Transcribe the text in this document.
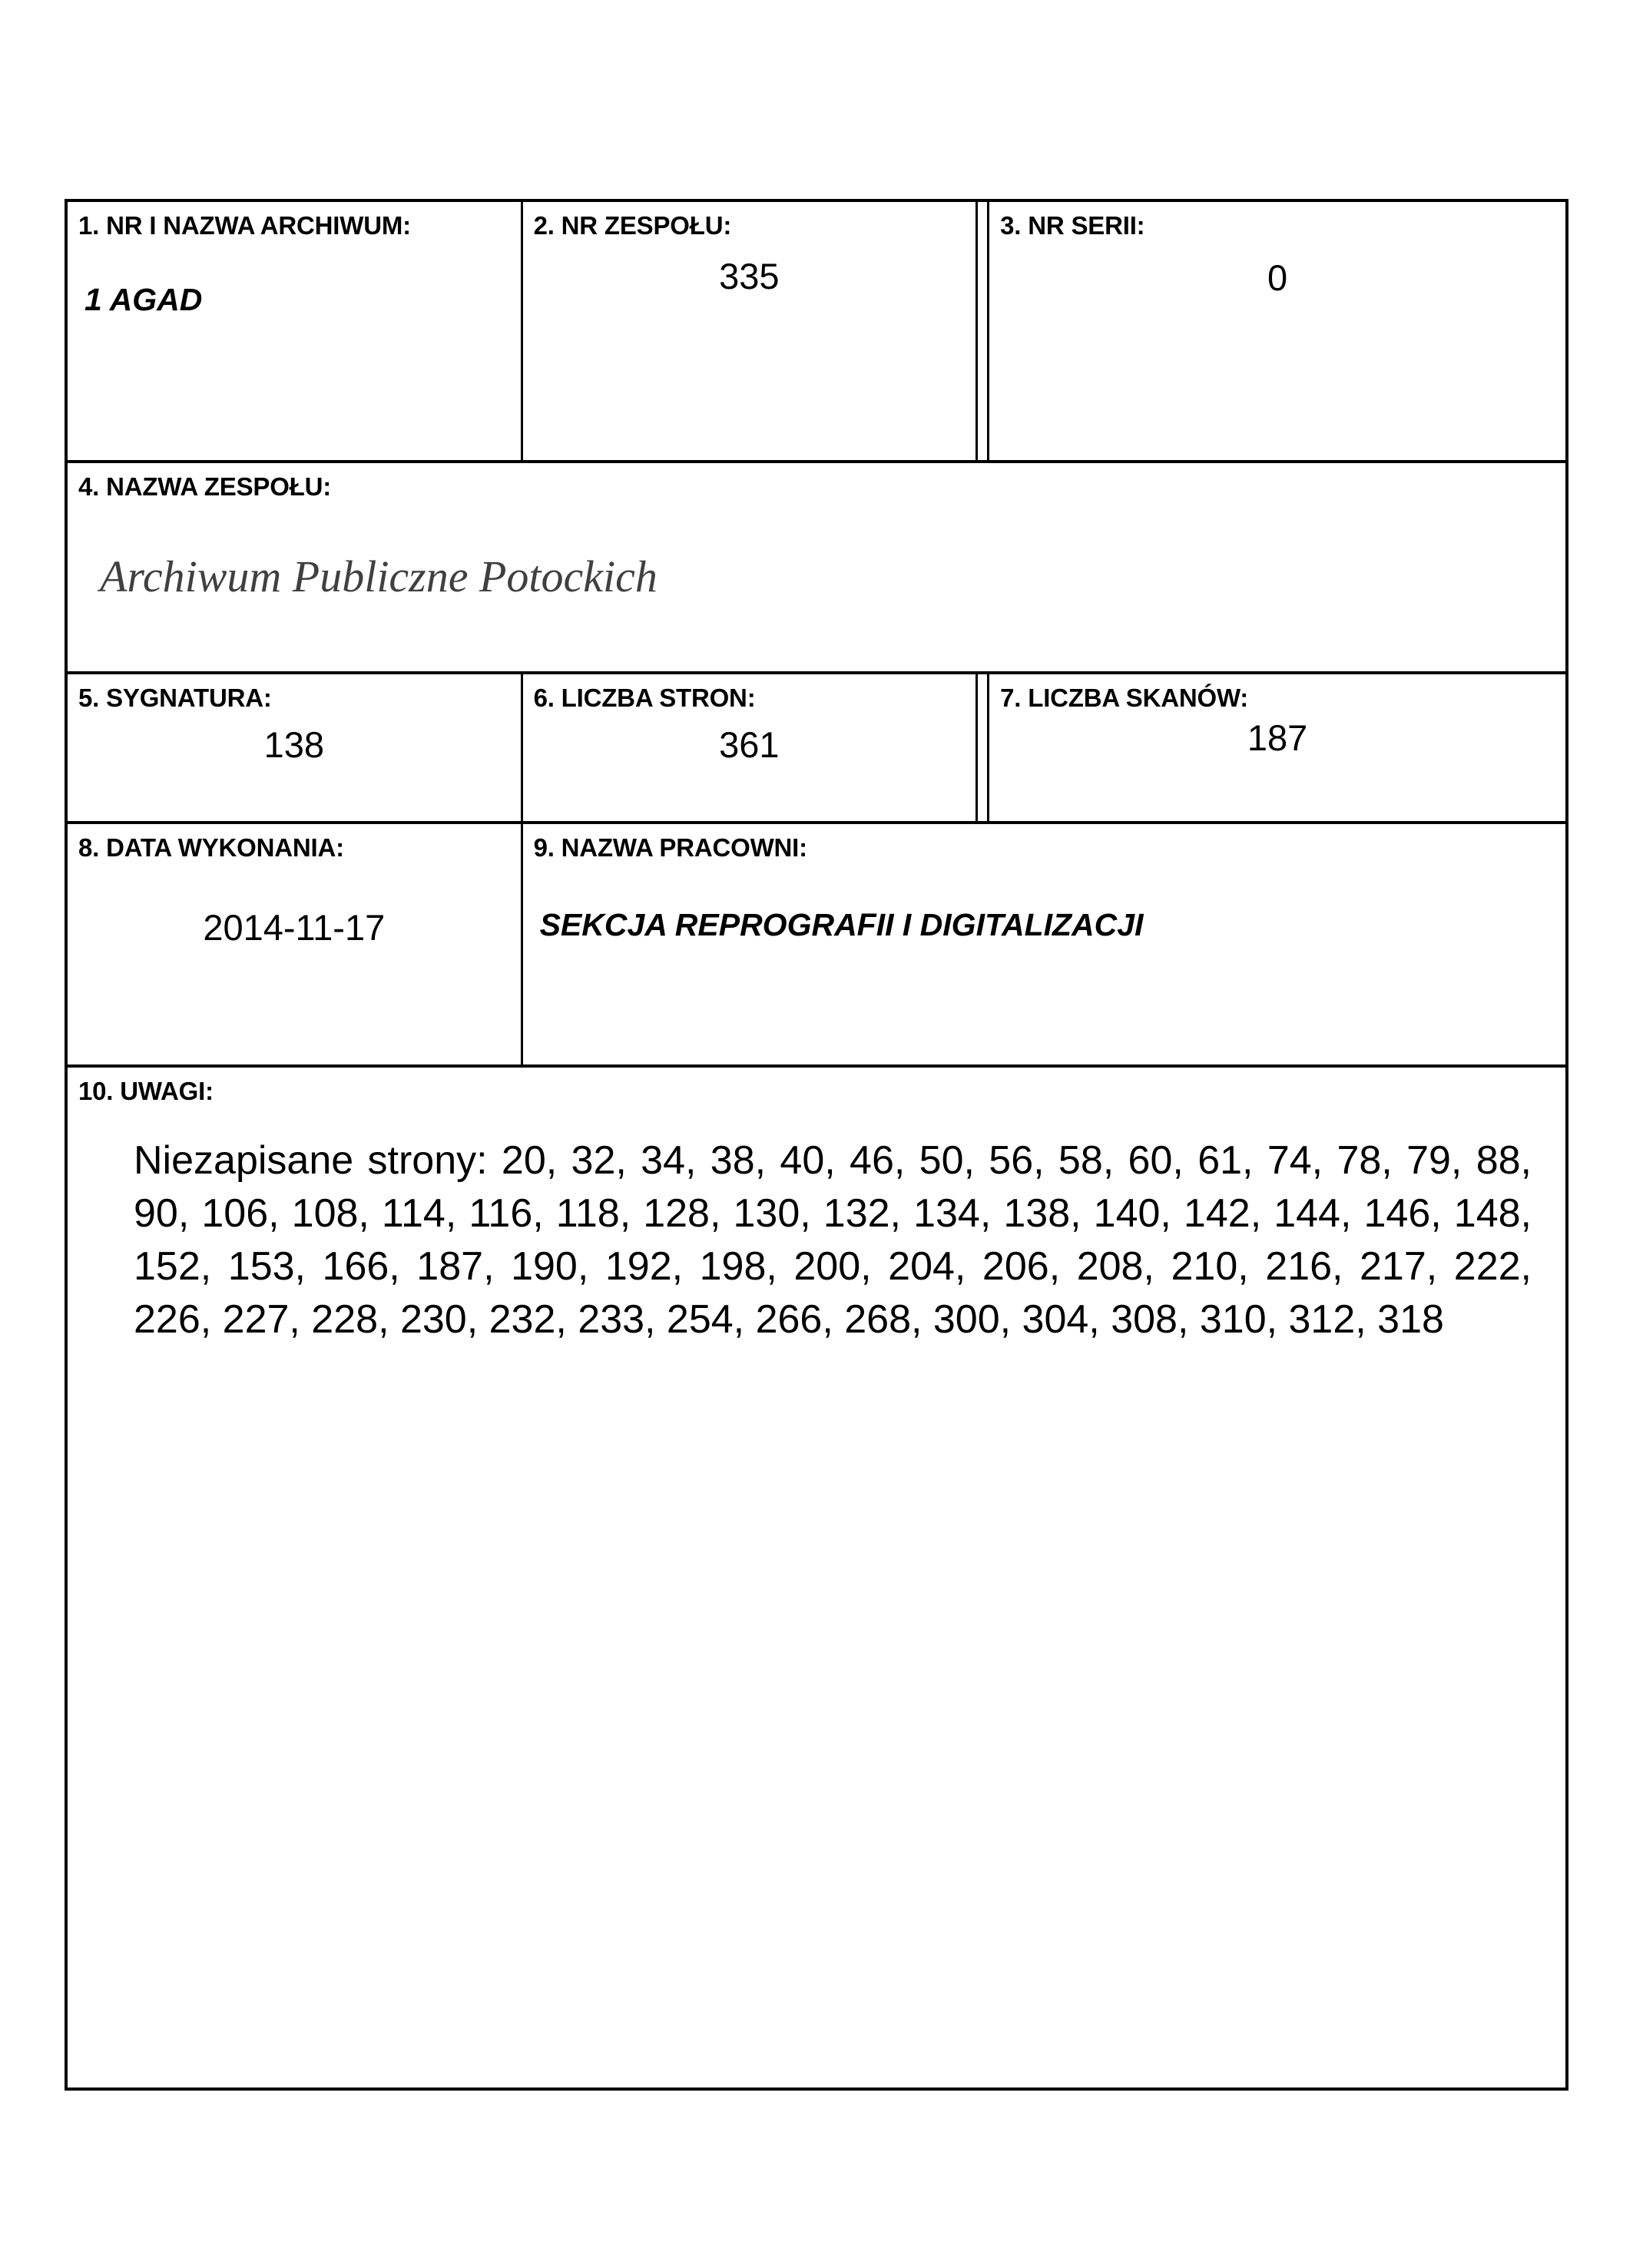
1. NR I NAZWA ARCHIWUM:
1 AGAD
2. NR ZESPOŁU:
335
3. NR SERII:
0
4. NAZWA ZESPOŁU:
Archiwum Publiczne Potockich
5. SYGNATURA:
138
6. LICZBA STRON:
361
7. LICZBA SKANÓW:
187
8. DATA WYKONANIA:
2014-11-17
9. NAZWA PRACOWNI:
SEKCJA REPROGRAFII I DIGITALIZACJI
10. UWAGI:
Niezapisane strony: 20, 32, 34, 38, 40, 46, 50, 56, 58, 60, 61, 74, 78, 79, 88, 90, 106, 108, 114, 116, 118, 128, 130, 132, 134, 138, 140, 142, 144, 146, 148, 152, 153, 166, 187, 190, 192, 198, 200, 204, 206, 208, 210, 216, 217, 222, 226, 227, 228, 230, 232, 233, 254, 266, 268, 300, 304, 308, 310, 312, 318
